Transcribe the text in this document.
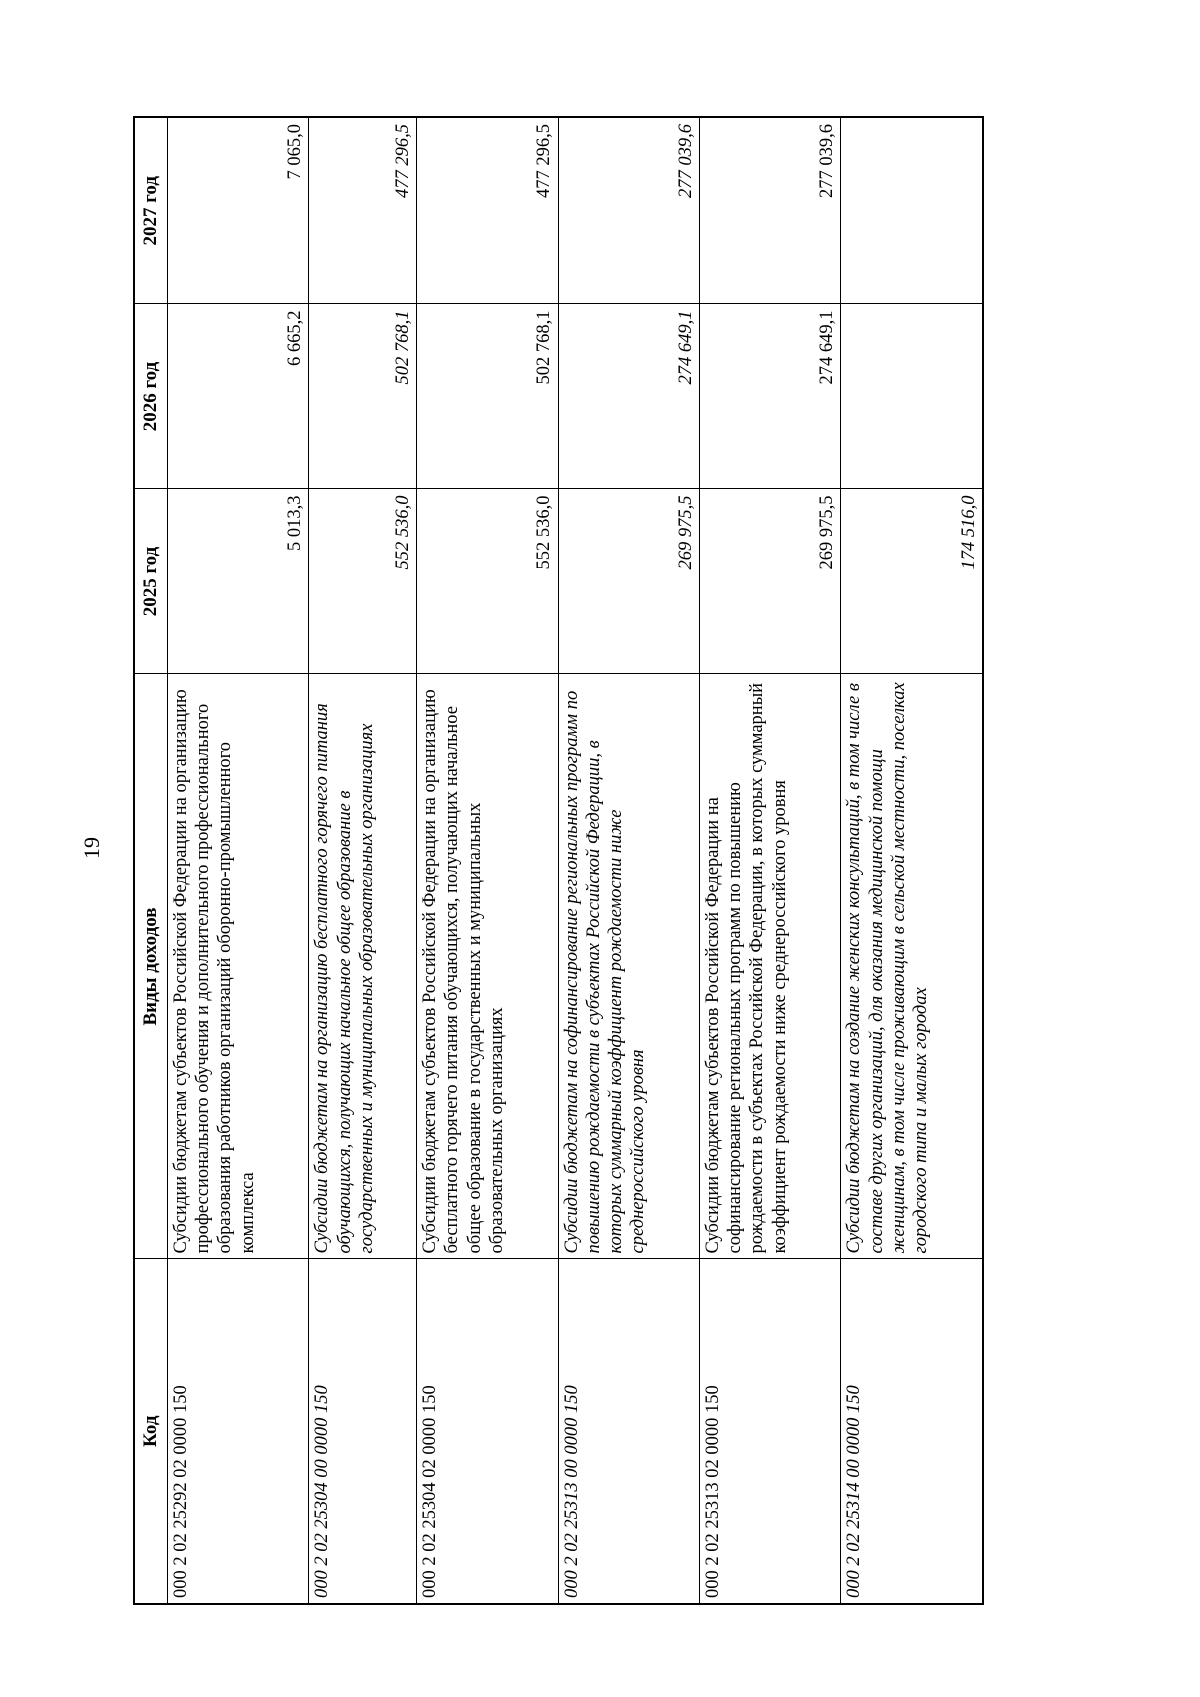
19
Код	Виды доходов	2025 год	2026 год	2027 год
000 2 02 25292 02 0000 150	Субсидии бюджетам субъектов Российской Федерации на организацию профессионального обучения и дополнительного профессионального образования работников организаций оборонно-промышленного комплекса	5 013,3	6 665,2	7 065,0
000 2 02 25304 00 0000 150	Субсидии бюджетам на организацию бесплатного горячего питания обучающихся, получающих начальное общее образование в государственных и муниципальных образовательных организациях	552 536,0	502 768,1	477 296,5
000 2 02 25304 02 0000 150	Субсидии бюджетам субъектов Российской Федерации на организацию бесплатного горячего питания обучающихся, получающих начальное общее образование в государственных и муниципальных образовательных организациях	552 536,0	502 768,1	477 296,5
000 2 02 25313 00 0000 150	Субсидии бюджетам на софинансирование региональных программ по повышению рождаемости в субъектах Российской Федерации, в которых суммарный коэффициент рождаемости ниже среднероссийского уровня	269 975,5	274 649,1	277 039,6
000 2 02 25313 02 0000 150	Субсидии бюджетам субъектов Российской Федерации на софинансирование региональных программ по повышению рождаемости в субъектах Российской Федерации, в которых суммарный коэффициент рождаемости ниже среднероссийского уровня	269 975,5	274 649,1	277 039,6
000 2 02 25314 00 0000 150	Субсидии бюджетам на создание женских консультаций, в том числе в составе других организаций, для оказания медицинской помощи женщинам, в том числе проживающим в сельской местности, поселках городского типа и малых городах	174 516,0		
